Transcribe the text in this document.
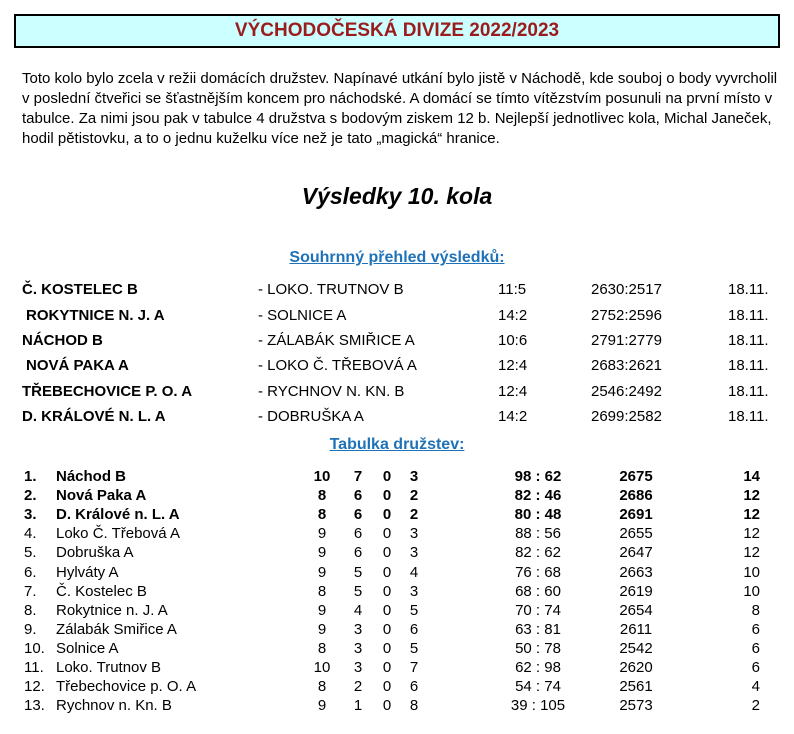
VÝCHODOČESKÁ DIVIZE 2022/2023
Toto kolo bylo zcela v režii domácích družstev. Napínavé utkání bylo jistě v Náchodě, kde souboj o body vyvrcholil v poslední čtveřici se šťastnějším koncem pro náchodské. A domácí se tímto vítězstvím posunuli na první místo v tabulce. Za nimi jsou pak v tabulce 4 družstva s bodovým ziskem 12 b. Nejlepší jednotlivec kola, Michal Janeček, hodil pětistovku, a to o jednu kuželku více než je tato „magická“ hranice.
Výsledky 10. kola
Souhrnný přehled výsledků:
Č. KOSTELEC B	- LOKO. TRUTNOV B	11:5	2630:2517	18.11.
ROKYTNICE N. J. A	- SOLNICE A	14:2	2752:2596	18.11.
NÁCHOD B	- ZÁLABÁK SMIŘICE A	10:6	2791:2779	18.11.
NOVÁ PAKA A	- LOKO Č. TŘEBOVÁ A	12:4	2683:2621	18.11.
TŘEBECHOVICE P. O. A	- RYCHNOV N. KN. B	12:4	2546:2492	18.11.
D. KRÁLOVÉ N. L. A	- DOBRUŠKA A	14:2	2699:2582	18.11.
Tabulka družstev:
1. Náchod B	10	7	0	3	98 : 62	2675	14
2. Nová Paka A	8	6	0	2	82 : 46	2686	12
3. D. Králové n. L. A	8	6	0	2	80 : 48	2691	12
4. Loko Č. Třebová A	9	6	0	3	88 : 56	2655	12
5. Dobruška A	9	6	0	3	82 : 62	2647	12
6. Hylváty A	9	5	0	4	76 : 68	2663	10
7. Č. Kostelec B	8	5	0	3	68 : 60	2619	10
8. Rokytnice n. J. A	9	4	0	5	70 : 74	2654	8
9. Zálabák Smiřice A	9	3	0	6	63 : 81	2611	6
10. Solnice A	8	3	0	5	50 : 78	2542	6
11. Loko. Trutnov B	10	3	0	7	62 : 98	2620	6
12. Třebechovice p. O. A	8	2	0	6	54 : 74	2561	4
13. Rychnov n. Kn. B	9	1	0	8	39 : 105	2573	2
